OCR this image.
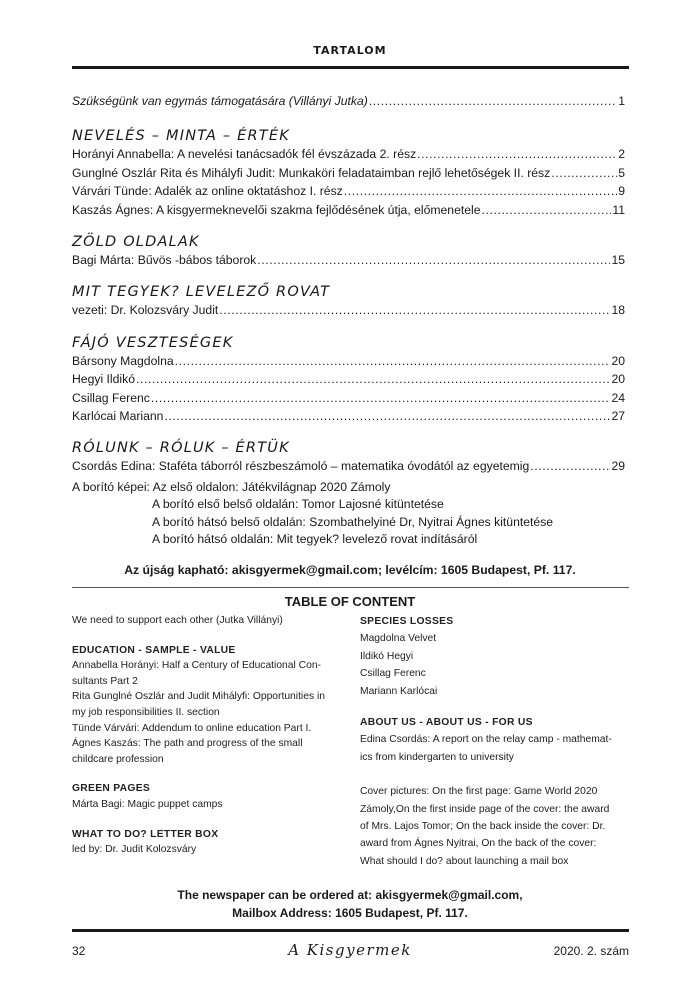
TARTALOM
Szükségünk van egymás támogatására (Villányi Jutka) .....	1
NEVELÉS – MINTA – ÉRTÉK
Horányi Annabella: A nevelési tanácsadók fél évszázada 2. rész .....	2
Gunglné Oszlár Rita és Mihályfi Judit: Munkaköri feladataimban rejlő lehetőségek II. rész .....	5
Várvári Tünde: Adalék az online oktatáshoz I. rész .....	9
Kaszás Ágnes: A kisgyermeknevelői szakma fejlődésének útja, előmenetele .....	11
ZÖLD OLDALAK
Bagi Márta: Bűvös -bábos táborok .....	15
MIT TEGYEK? LEVELEZŐ ROVAT
vezeti: Dr. Kolozsváry Judit .....	18
FÁJÓ VESZTESÉGEK
Bársony Magdolna .....	20
Hegyi Ildikó .....	20
Csillag Ferenc .....	24
Karlócai Mariann .....	27
RÓLUNK – RÓLUK – ÉRTÜK
Csordás Edina: Staféta táborról részbeszámoló – matematika óvodától az egyetemig .....	29
A borító képei: Az első oldalon: Játékvilágnap 2020 Zámoly
A borító első belső oldalán: Tomor Lajosné kitüntetése
A borító hátsó belső oldalán: Szombathelyiné Dr, Nyitrai Ágnes kitüntetése
A borító hátsó oldalán: Mit tegyek? levelező rovat indításáról
Az újság kapható: akisgyermek@gmail.com; levélcím: 1605 Budapest, Pf. 117.
TABLE OF CONTENT
We need to support each other (Jutka Villányi)
EDUCATION - SAMPLE - VALUE
Annabella Horányi: Half a Century of Educational Con-
sultants Part 2
Rita Gunglné Oszlár and Judit Mihályfi: Opportunities in
my job responsibilities II. section
Tünde Várvári: Addendum to online education Part I.
Ágnes Kaszás: The path and progress of the small
childcare profession
GREEN PAGES
Márta Bagi: Magic puppet camps
WHAT TO DO? LETTER BOX
led by: Dr. Judit Kolozsváry
SPECIES LOSSES
Magdolna Velvet
Ildikó Hegyi
Csillag Ferenc
Mariann Karlócai
ABOUT US - ABOUT US - FOR US
Edina Csordás: A report on the relay camp - mathemat-
ics from kindergarten to university
Cover pictures: On the first page: Game World 2020
Zámoly,On the first inside page of the cover: the award
of Mrs. Lajos Tomor; On the back inside the cover: Dr.
award from Ágnes Nyitrai, On the back of the cover:
What should I do? about launching a mail box
The newspaper can be ordered at: akisgyermek@gmail.com,
Mailbox Address: 1605 Budapest, Pf. 117.
32	A Kisgyermek	2020. 2. szám
